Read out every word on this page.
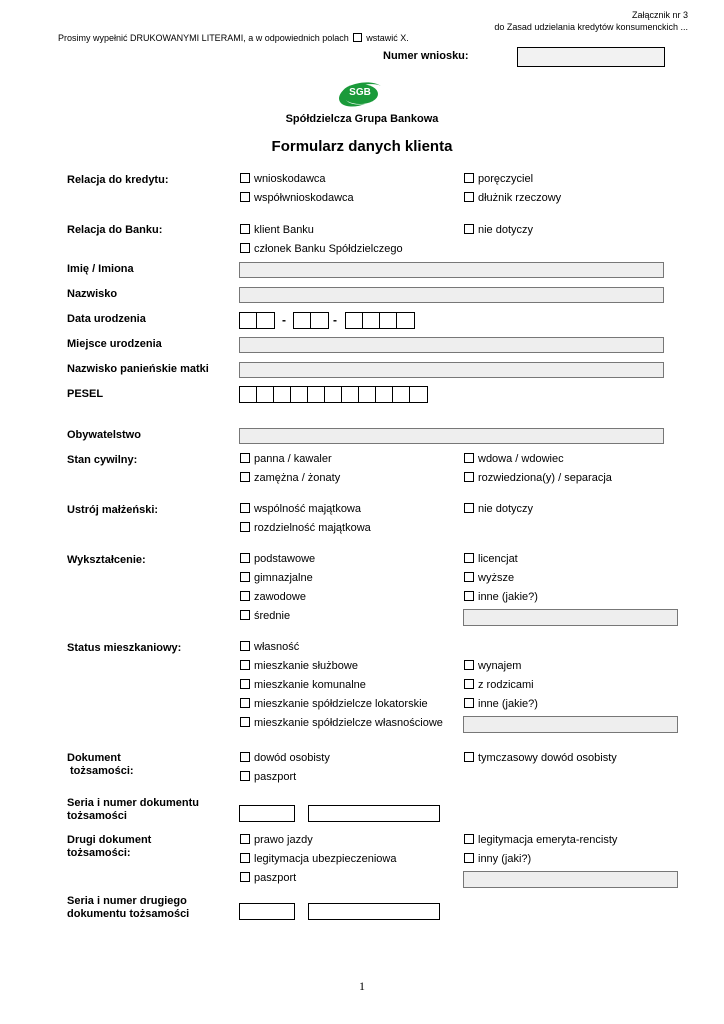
Załącznik nr 3
do Zasad udzielania kredytów konsumenckich ...
Prosimy wypełnić DRUKOWANYMI LITERAMI, a w odpowiednich polach wstawić X.
Numer wniosku:
SGB
Spółdzielcza Grupa Bankowa
Formularz danych klienta
Relacja do kredytu:	wnioskodawca	poręczyciel
współwnioskodawca	dłużnik rzeczowy
Relacja do Banku:	klient Banku	nie dotyczy
członek Banku Spółdzielczego
Imię / Imiona
Nazwisko
Data urodzenia	-	-
Miejsce urodzenia
Nazwisko panieńskie matki
PESEL
Obywatelstwo
Stan cywilny:	panna / kawaler	wdowa / wdowiec
zamężna / żonaty	rozwiedziona(y) / separacja
Ustrój małżeński:	wspólność majątkowa	nie dotyczy
rozdzielność majątkowa
Wykształcenie:	podstawowe	licencjat
gimnazjalne	wyższe
zawodowe	inne (jakie?)
średnie
Status mieszkaniowy:	własność
mieszkanie służbowe	wynajem
mieszkanie komunalne	z rodzicami
mieszkanie spółdzielcze lokatorskie	inne (jakie?)
mieszkanie spółdzielcze własnościowe
Dokument
tożsamości:
dowód osobisty	tymczasowy dowód osobisty
paszport
Seria i numer dokumentu
tożsamości
Drugi dokument
tożsamości:
prawo jazdy	legitymacja emeryta-rencisty
legitymacja ubezpieczeniowa	inny (jaki?)
paszport
Seria i numer drugiego
dokumentu tożsamości
1
